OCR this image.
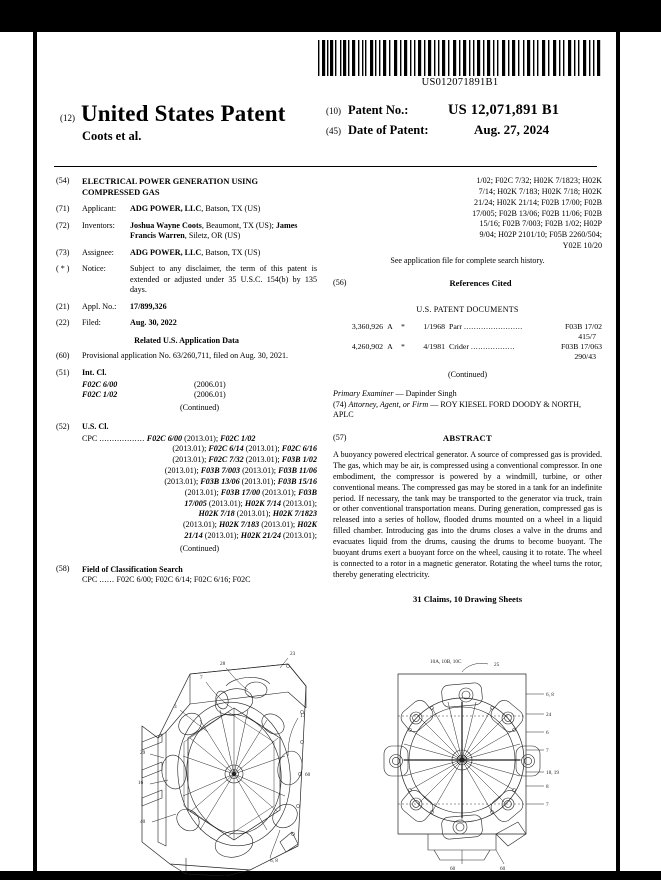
US012071891B1
(12) United States Patent
Coots et al.
(10) Patent No.:	US 12,071,891 B1
(45) Date of Patent:	Aug. 27, 2024
(54)	ELECTRICAL POWER GENERATION USING COMPRESSED GAS
(71)	Applicant:	ADG POWER, LLC, Batson, TX (US)
(72)	Inventors:	Joshua Wayne Coots, Beaumont, TX (US); James Francis Warren, Siletz, OR (US)
(73)	Assignee:	ADG POWER, LLC, Batson, TX (US)
( * )	Notice:	Subject to any disclaimer, the term of this patent is extended or adjusted under 35 U.S.C. 154(b) by 135 days.
(21)	Appl. No.:	17/899,326
(22)	Filed:	Aug. 30, 2022
Related U.S. Application Data
(60)	Provisional application No. 63/260,711, filed on Aug. 30, 2021.
(51)	Int. Cl.
F02C 6/00	(2006.01)
F02C 1/02	(2006.01)
(Continued)
(52)	U.S. Cl.
CPC .................. F02C 6/00 (2013.01); F02C 1/02
(2013.01); F02C 6/14 (2013.01); F02C 6/16
(2013.01); F02C 7/32 (2013.01); F03B 1/02
(2013.01); F03B 7/003 (2013.01); F03B 11/06
(2013.01); F03B 13/06 (2013.01); F03B 15/16
(2013.01); F03B 17/00 (2013.01); F03B
17/005 (2013.01); H02K 7/14 (2013.01);
H02K 7/18 (2013.01); H02K 7/1823
(2013.01); H02K 7/183 (2013.01); H02K
21/14 (2013.01); H02K 21/24 (2013.01);
(Continued)
(58)	Field of Classification Search
CPC ...... F02C 6/00; F02C 6/14; F02C 6/16; F02C
1/02; F02C 7/32; H02K 7/1823; H02K
7/14; H02K 7/183; H02K 7/18; H02K
21/24; H02K 21/14; F02B 17/00; F02B
17/005; F02B 13/06; F02B 11/06; F02B
15/16; F02B 7/003; F02B 1/02; H02P
9/04; H02P 2101/10; F05B 2260/504;
Y02E 10/20
See application file for complete search history.
(56)	References Cited
U.S. PATENT DOCUMENTS
3,360,926 A	*	1/1968 Parr ........................	F03B 17/02
415/7
4,260,902 A	*	4/1981 Crider ..................	F03B 17/063
290/43
(Continued)
Primary Examiner — Dapinder Singh
(74) Attorney, Agent, or Firm — ROY KIESEL FORD DOODY & NORTH, APLC
(57)	ABSTRACT
A buoyancy powered electrical generator. A source of compressed gas is provided. The gas, which may be air, is compressed using a conventional compressor. In one embodiment, the compressor is powered by a windmill, turbine, or other conventional means. The compressed gas may be stored in a tank for an indefinite period. If necessary, the tank may be transported to the generator via truck, train or other conventional transportation means. During generation, compressed gas is released into a series of hollow, flooded drums mounted on a wheel in a liquid filled chamber. Introducing gas into the drums closes a valve in the drums and evacuates liquid from the drums, causing the drums to become buoyant. The buoyant drums exert a buoyant force on the wheel, causing it to rotate. The wheel is connected to a rotor in a magnetic generator. Rotating the wheel turns the rotor, thereby generating electricity.
31 Claims, 10 Drawing Sheets
23
28
7
3
29
16
40
17
60
6, 8
10A, 10B, 10C	25
6, 8
24
6
7
18, 19
8
7
60	60
